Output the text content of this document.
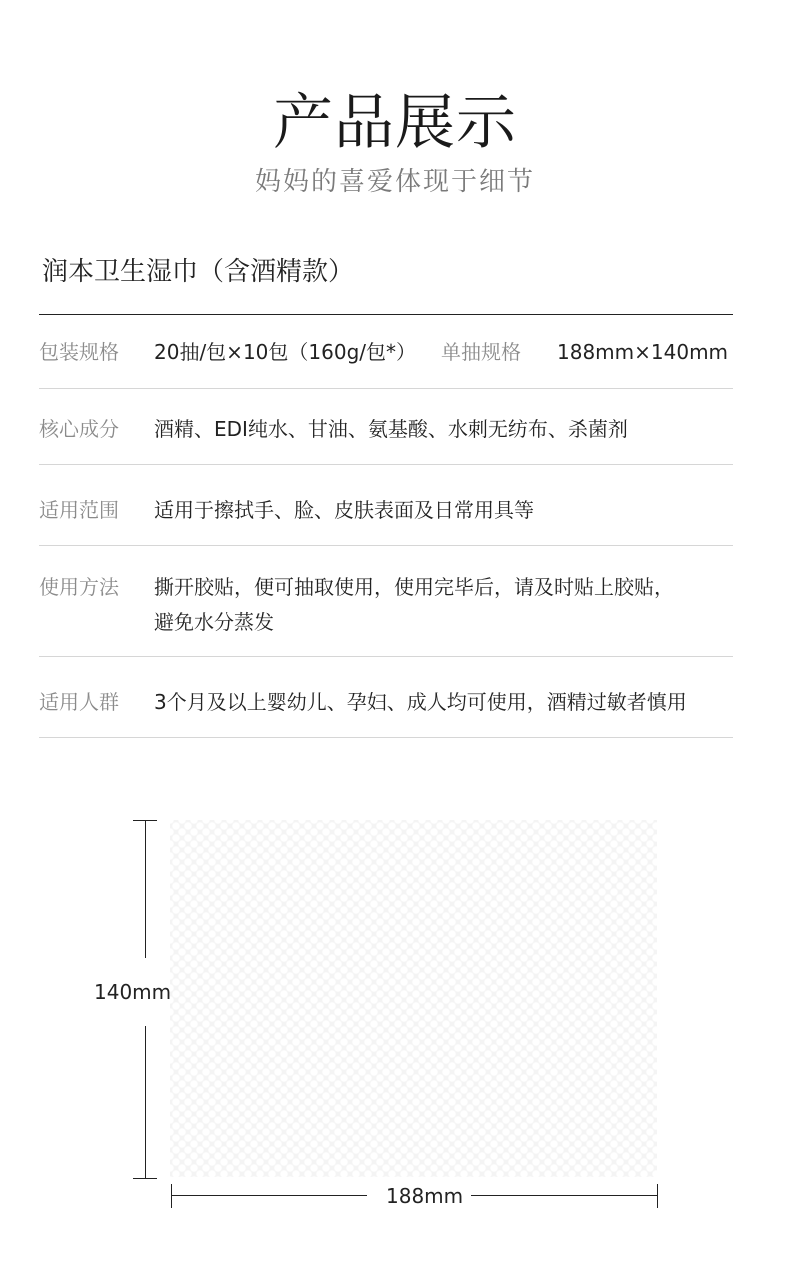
产品展示
妈妈的喜爱体现于细节
润本卫生湿巾（含酒精款）
包装规格 20抽/包×10包（160g/包*） 单抽规格 188mm×140mm
核心成分 酒精、EDI纯水、甘油、氨基酸、水刺无纺布、杀菌剂
适用范围 适用于擦拭手、脸、皮肤表面及日常用具等
使用方法 撕开胶贴，便可抽取使用，使用完毕后，请及时贴上胶贴，
避免水分蒸发
适用人群 3个月及以上婴幼儿、孕妇、成人均可使用，酒精过敏者慎用
140mm
188mm
